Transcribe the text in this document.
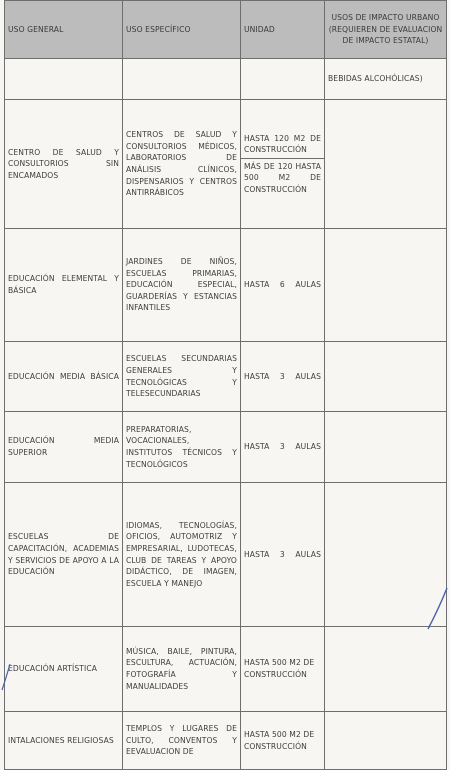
USO GENERAL	USO ESPECÍFICO	UNIDAD	USOS DE IMPACTO URBANO (REQUIEREN DE EVALUACION DE IMPACTO ESTATAL)
			BEBIDAS ALCOHÓLICAS)
CENTRO DE SALUD Y CONSULTORIOS SIN ENCAMADOS	CENTROS DE SALUD Y CONSULTORIOS MÉDICOS, LABORATORIOS DE ANÁLISIS CLÍNICOS, DISPENSARIOS Y CENTROS ANTIRRÁBICOS	HASTA 120 M2 DE CONSTRUCCIÓN
MÁS DE 120 HASTA 500 M2 DE CONSTRUCCIÓN	

EDUCACIÓN ELEMENTAL Y BÁSICA	JARDINES DE NIÑOS, ESCUELAS PRIMARIAS, EDUCACIÓN ESPECIAL, GUARDERÍAS Y ESTANCIAS INFANTILES	HASTA 6 AULAS	
EDUCACIÓN MEDIA BÁSICA	ESCUELAS SECUNDARIAS GENERALES Y TECNOLÓGICAS Y TELESECUNDARIAS	HASTA 3 AULAS	
EDUCACIÓN MEDIA SUPERIOR	PREPARATORIAS, VOCACIONALES, INSTITUTOS TÉCNICOS Y TECNOLÓGICOS	HASTA 3 AULAS	
ESCUELAS DE CAPACITACIÓN, ACADEMIAS Y SERVICIOS DE APOYO A LA EDUCACIÓN	IDIOMAS, TECNOLOGÍAS, OFICIOS, AUTOMOTRIZ Y EMPRESARIAL, LUDOTECAS, CLUB DE TAREAS Y APOYO DIDÁCTICO, DE IMAGEN, ESCUELA Y MANEJO	HASTA 3 AULAS	
EDUCACIÓN ARTÍSTICA	MÚSICA, BAILE, PINTURA, ESCULTURA, ACTUACIÓN, FOTOGRAFÍA Y MANUALIDADES	HASTA 500 M2 DE CONSTRUCCIÓN	
INTALACIONES RELIGIOSAS	TEMPLOS Y LUGARES DE CULTO, CONVENTOS Y EEVALUACION DE	HASTA 500 M2 DE CONSTRUCCIÓN	
